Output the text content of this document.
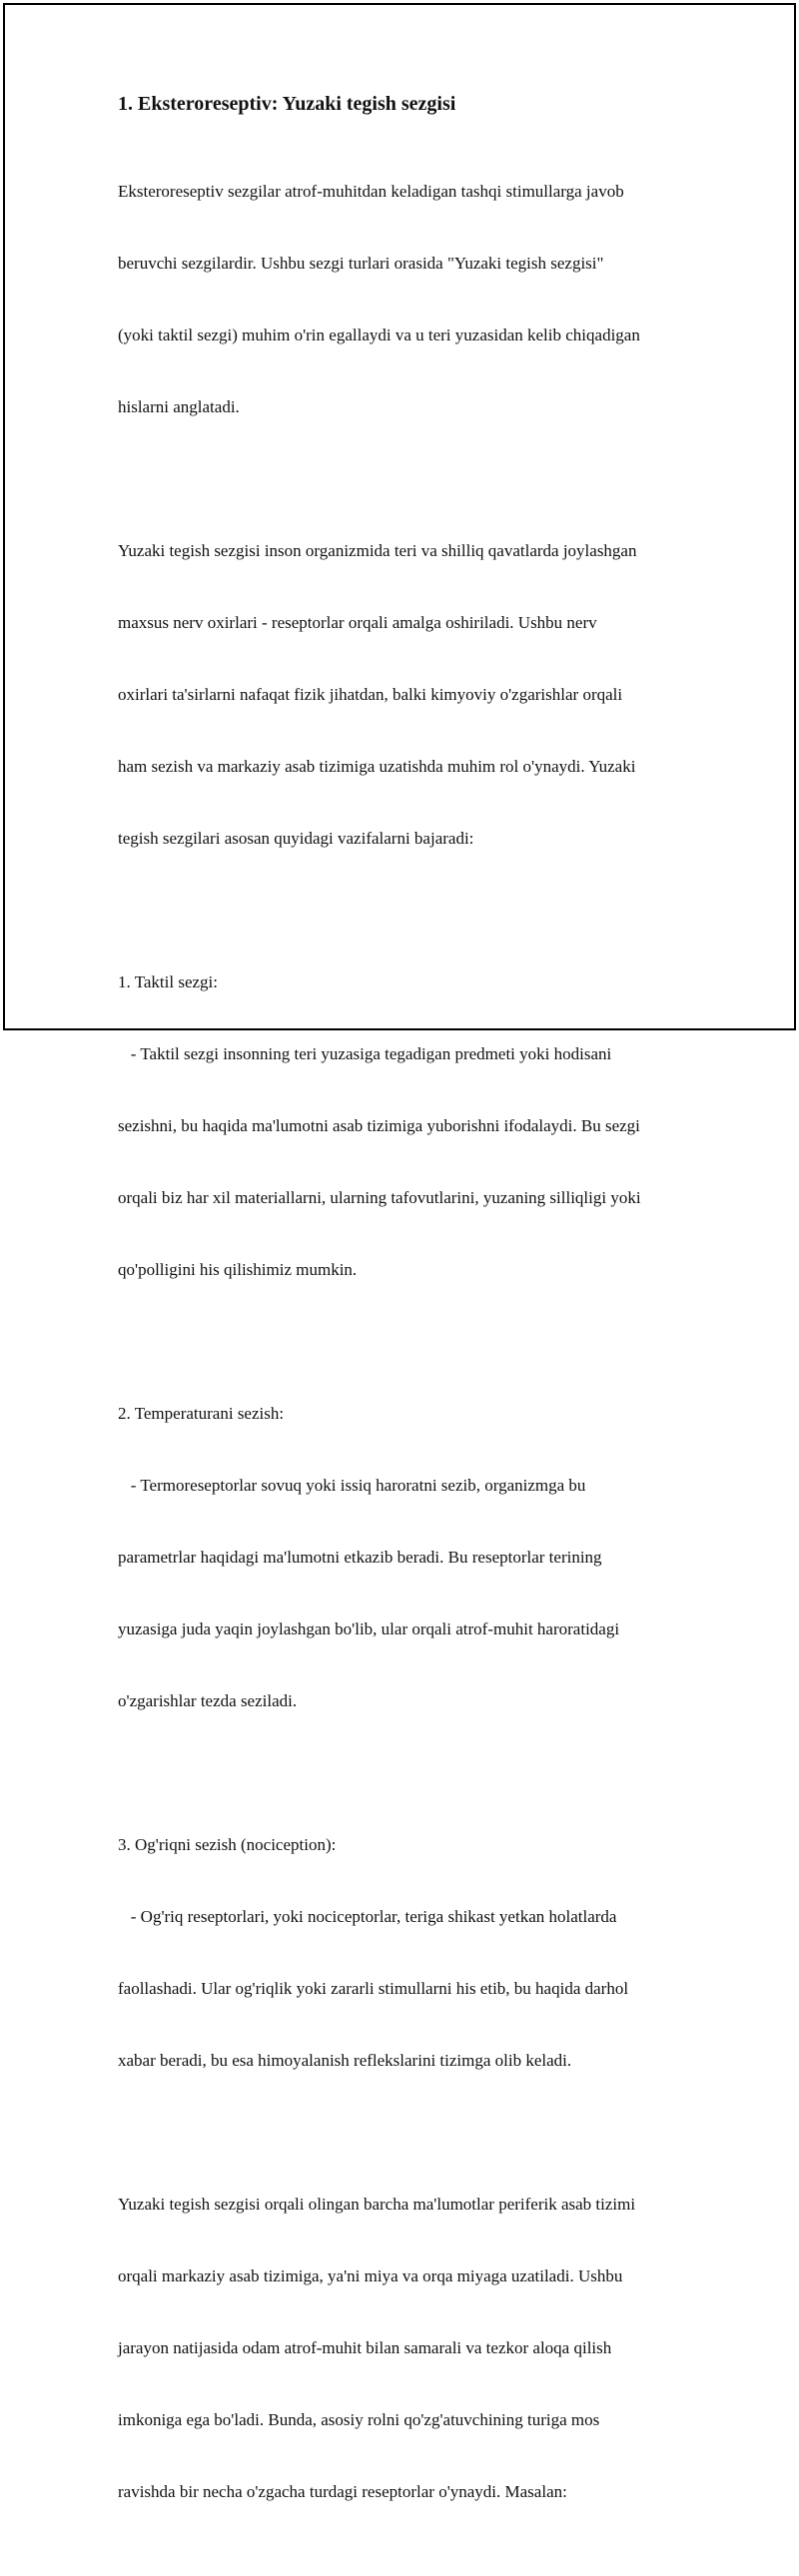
1. Eksteroreseptiv: Yuzaki tegish sezgisi

Eksteroreseptiv sezgilar atrof-muhitdan keladigan tashqi stimullarga javob

beruvchi sezgilardir. Ushbu sezgi turlari orasida "Yuzaki tegish sezgisi"

(yoki taktil sezgi) muhim o'rin egallaydi va u teri yuzasidan kelib chiqadigan

hislarni anglatadi.

Yuzaki tegish sezgisi inson organizmida teri va shilliq qavatlarda joylashgan

maxsus nerv oxirlari - reseptorlar orqali amalga oshiriladi. Ushbu nerv

oxirlari ta'sirlarni nafaqat fizik jihatdan, balki kimyoviy o'zgarishlar orqali

ham sezish va markaziy asab tizimiga uzatishda muhim rol o'ynaydi. Yuzaki

tegish sezgilari asosan quyidagi vazifalarni bajaradi:

1. Taktil sezgi:

- Taktil sezgi insonning teri yuzasiga tegadigan predmeti yoki hodisani

sezishni, bu haqida ma'lumotni asab tizimiga yuborishni ifodalaydi. Bu sezgi

orqali biz har xil materiallarni, ularning tafovutlarini, yuzaning silliqligi yoki

qo'polligini his qilishimiz mumkin.

2. Temperaturani sezish:

- Termoreseptorlar sovuq yoki issiq haroratni sezib, organizmga bu

parametrlar haqidagi ma'lumotni etkazib beradi. Bu reseptorlar terining

yuzasiga juda yaqin joylashgan bo'lib, ular orqali atrof-muhit haroratidagi

o'zgarishlar tezda seziladi.

3. Og'riqni sezish (nociception):

- Og'riq reseptorlari, yoki nociceptorlar, teriga shikast yetkan holatlarda

faollashadi. Ular og'riqlik yoki zararli stimullarni his etib, bu haqida darhol

xabar beradi, bu esa himoyalanish reflekslarini tizimga olib keladi.

Yuzaki tegish sezgisi orqali olingan barcha ma'lumotlar periferik asab tizimi

orqali markaziy asab tizimiga, ya'ni miya va orqa miyaga uzatiladi. Ushbu

jarayon natijasida odam atrof-muhit bilan samarali va tezkor aloqa qilish

imkoniga ega bo'ladi. Bunda, asosiy rolni qo'zg'atuvchining turiga mos

ravishda bir necha o'zgacha turdagi reseptorlar o'ynaydi. Masalan:
